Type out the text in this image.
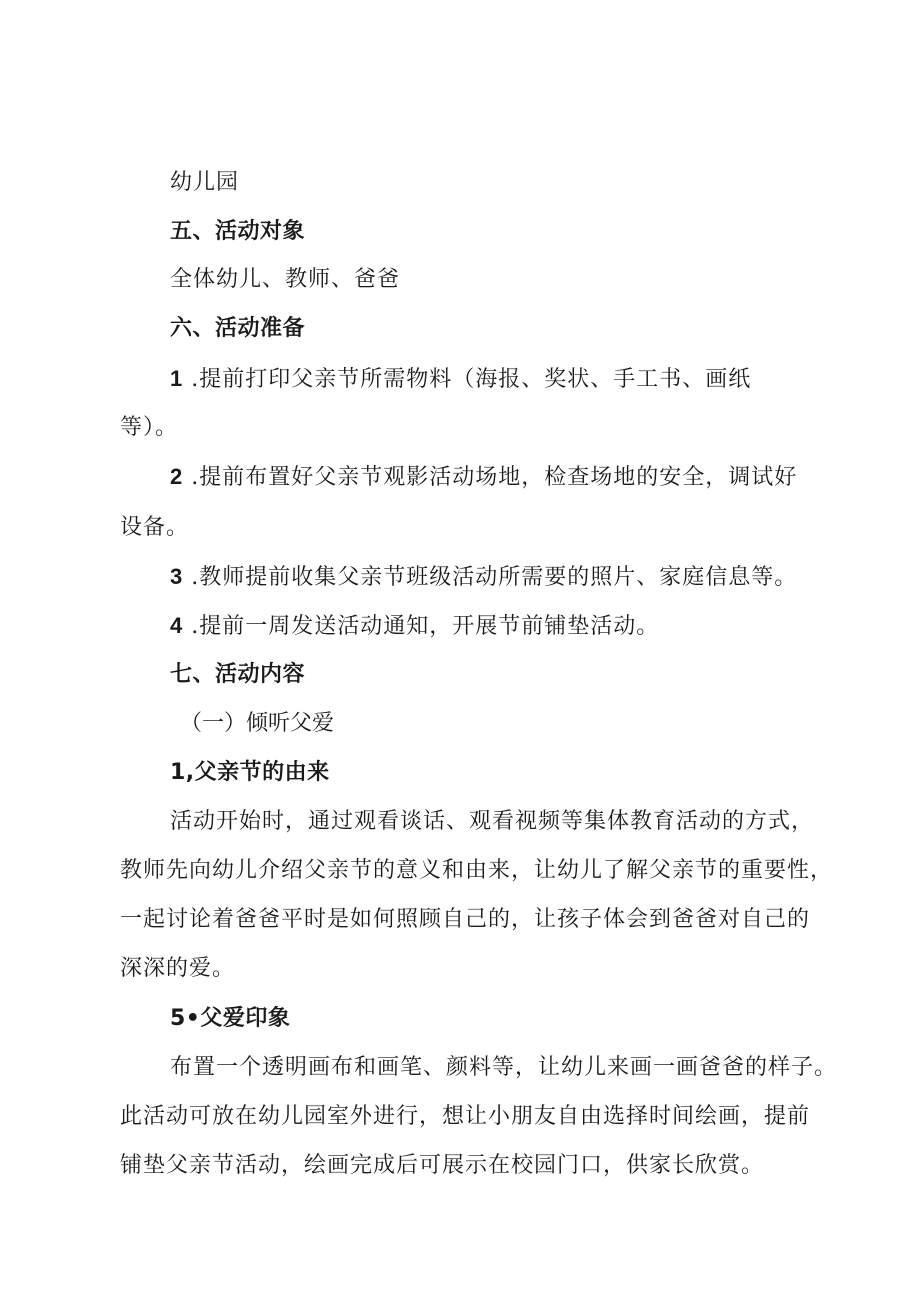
幼儿园

五、活动对象

全体幼儿、教师、爸爸

六、活动准备

1 .提前打印父亲节所需物料（海报、奖状、手工书、画纸

等）。

2 .提前布置好父亲节观影活动场地，检查场地的安全，调试好

设备。

3 .教师提前收集父亲节班级活动所需要的照片、家庭信息等。

4 .提前一周发送活动通知，开展节前铺垫活动。

七、活动内容

（一）倾听父爱

1,父亲节的由来

活动开始时，通过观看谈话、观看视频等集体教育活动的方式，

教师先向幼儿介绍父亲节的意义和由来，让幼儿了解父亲节的重要性，

一起讨论着爸爸平时是如何照顾自己的，让孩子体会到爸爸对自己的

深深的爱。

5•父爱印象

布置一个透明画布和画笔、颜料等，让幼儿来画一画爸爸的样子。

此活动可放在幼儿园室外进行，想让小朋友自由选择时间绘画，提前

铺垫父亲节活动，绘画完成后可展示在校园门口，供家长欣赏。
